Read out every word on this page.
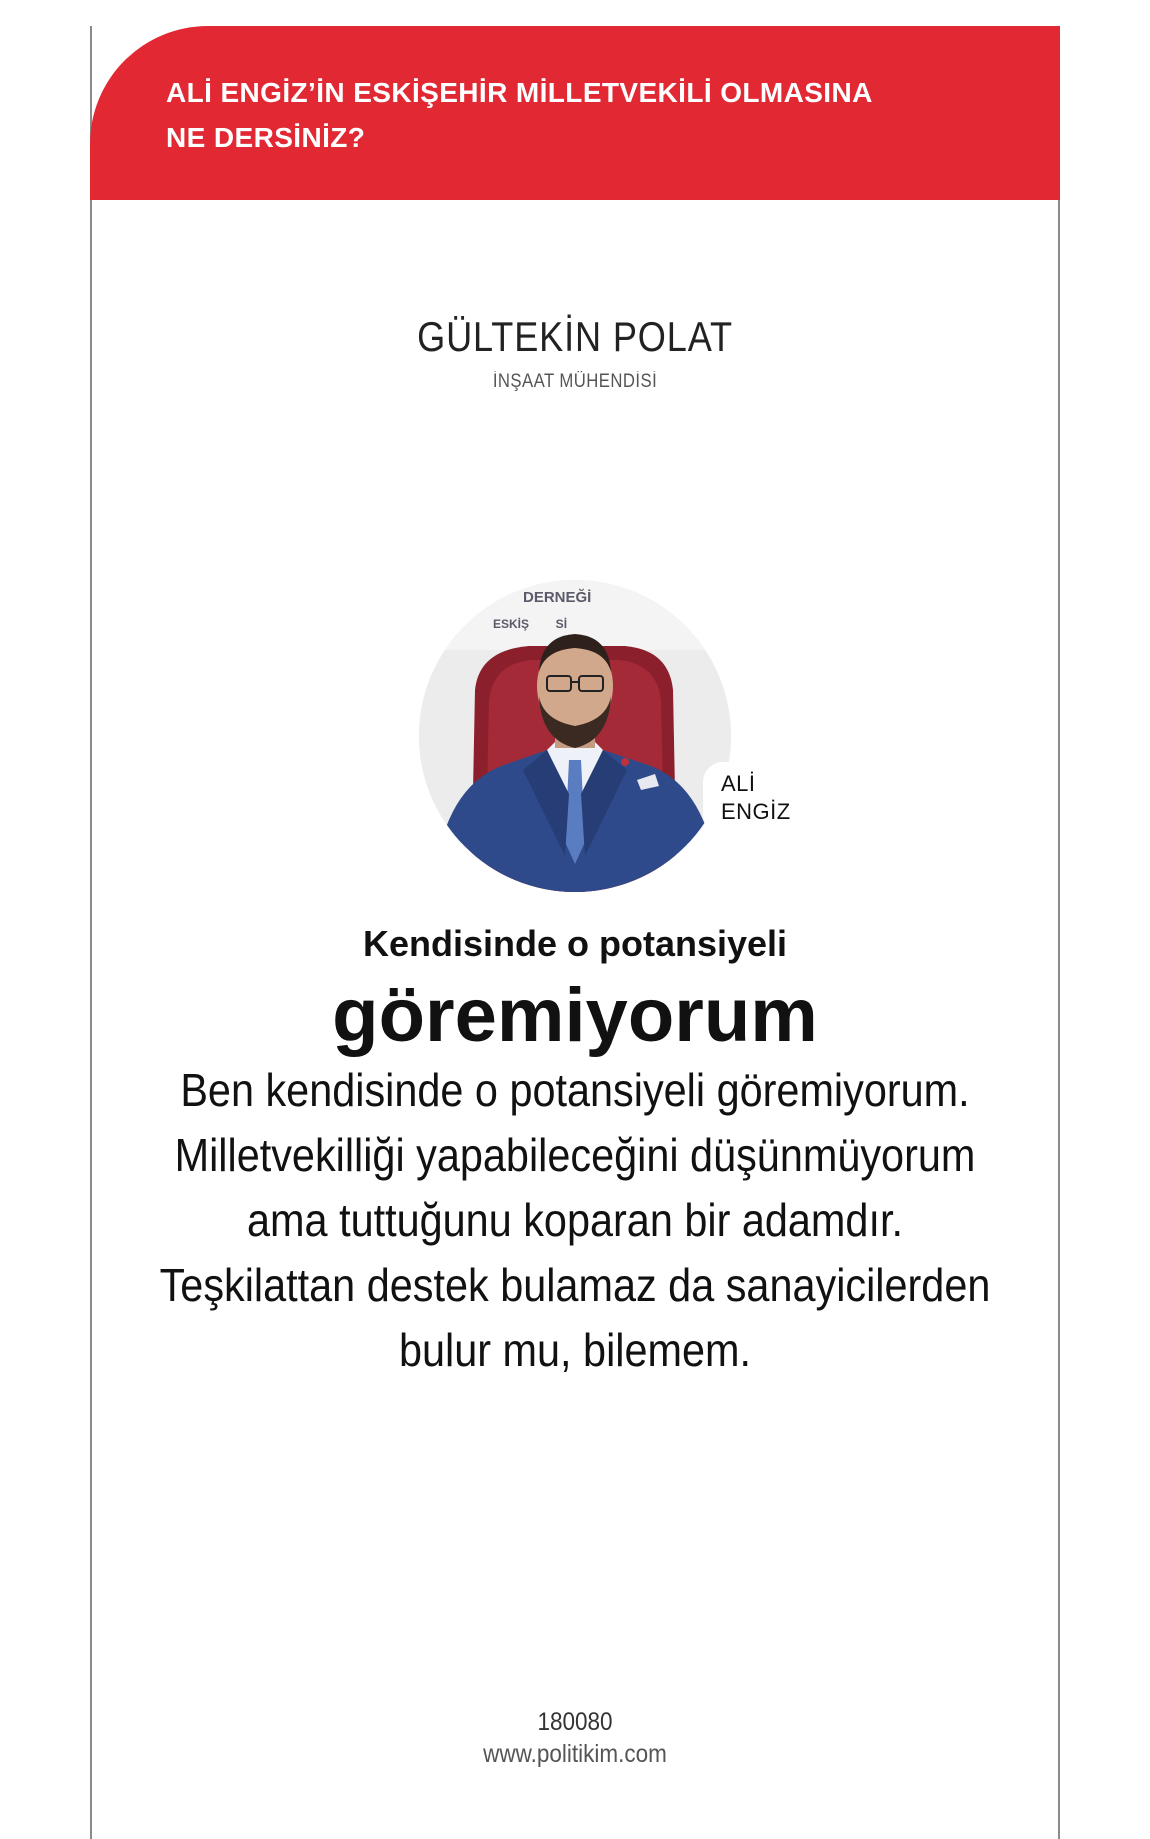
ALİ ENGİZ’İN ESKİŞEHİR MİLLETVEKİLİ OLMASINA
NE DERSİNİZ?
GÜLTEKİN POLAT
İNŞAAT MÜHENDİSİ
DERNEĞİ
ESKİŞ        Sİ
ALİ
ENGİZ
Kendisinde o potansiyeli
göremiyorum
Ben kendisinde o potansiyeli göremiyorum.
Milletvekilliği yapabileceğini düşünmüyorum
ama tuttuğunu koparan bir adamdır.
Teşkilattan destek bulamaz da sanayicilerden
bulur mu, bilemem.
180080
www.politikim.com
